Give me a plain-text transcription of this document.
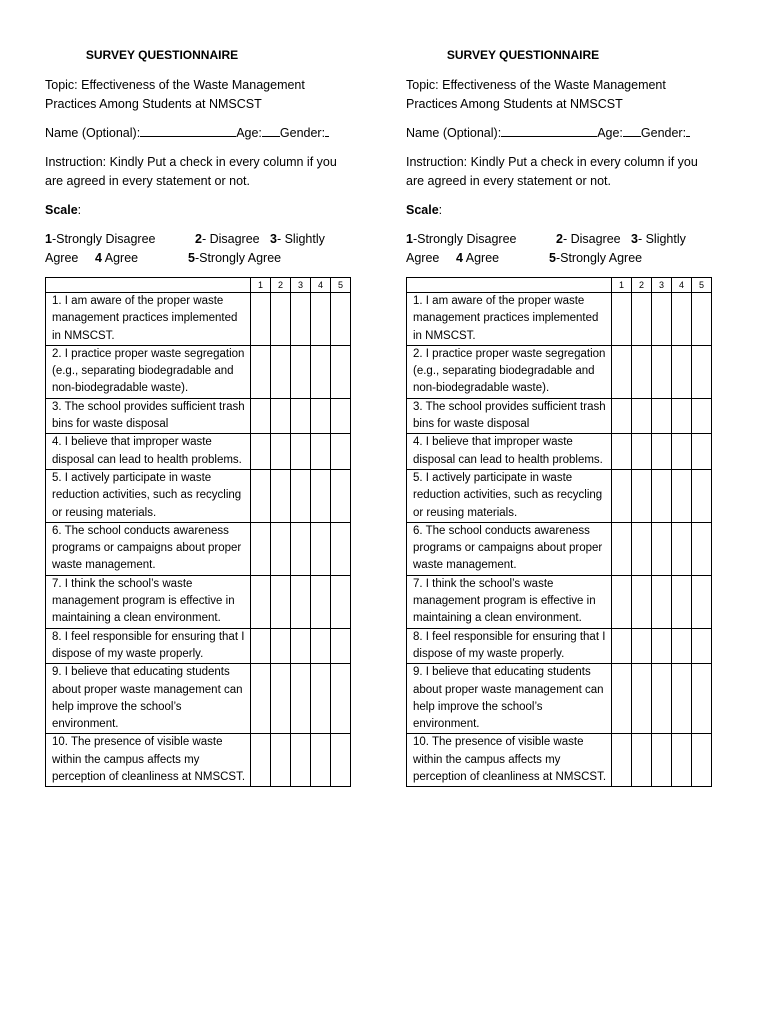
SURVEY QUESTIONNAIRE
Topic: Effectiveness of the Waste Management Practices Among Students at NMSCST
Name (Optional):	Age: Gender:
Instruction: Kindly Put a check in every column if you are agreed in every statement or not.
Scale:
1-Strongly Disagree	2- Disagree 3- Slightly
Agree 4 Agree	5-Strongly Agree
	1	2	3	4	5
1. I am aware of the proper waste management practices implemented in NMSCST.					
2. I practice proper waste segregation (e.g., separating biodegradable and non-biodegradable waste).					
3. The school provides sufficient trash bins for waste disposal					
4. I believe that improper waste disposal can lead to health problems.					
5. I actively participate in waste reduction activities, such as recycling or reusing materials.					
6. The school conducts awareness programs or campaigns about proper waste management.					
7. I think the school’s waste management program is effective in maintaining a clean environment.					
8. I feel responsible for ensuring that I dispose of my waste properly.					
9. I believe that educating students about proper waste management can help improve the school’s environment.					
10. The presence of visible waste within the campus affects my perception of cleanliness at NMSCST.					
SURVEY QUESTIONNAIRE
Topic: Effectiveness of the Waste Management Practices Among Students at NMSCST
Name (Optional):	Age: Gender:
Instruction: Kindly Put a check in every column if you are agreed in every statement or not.
Scale:
1-Strongly Disagree	2- Disagree 3- Slightly
Agree 4 Agree	5-Strongly Agree
	1	2	3	4	5
1. I am aware of the proper waste management practices implemented in NMSCST.					
2. I practice proper waste segregation (e.g., separating biodegradable and non-biodegradable waste).					
3. The school provides sufficient trash bins for waste disposal					
4. I believe that improper waste disposal can lead to health problems.					
5. I actively participate in waste reduction activities, such as recycling or reusing materials.					
6. The school conducts awareness programs or campaigns about proper waste management.					
7. I think the school’s waste management program is effective in maintaining a clean environment.					
8. I feel responsible for ensuring that I dispose of my waste properly.					
9. I believe that educating students about proper waste management can help improve the school’s environment.					
10. The presence of visible waste within the campus affects my perception of cleanliness at NMSCST.					
